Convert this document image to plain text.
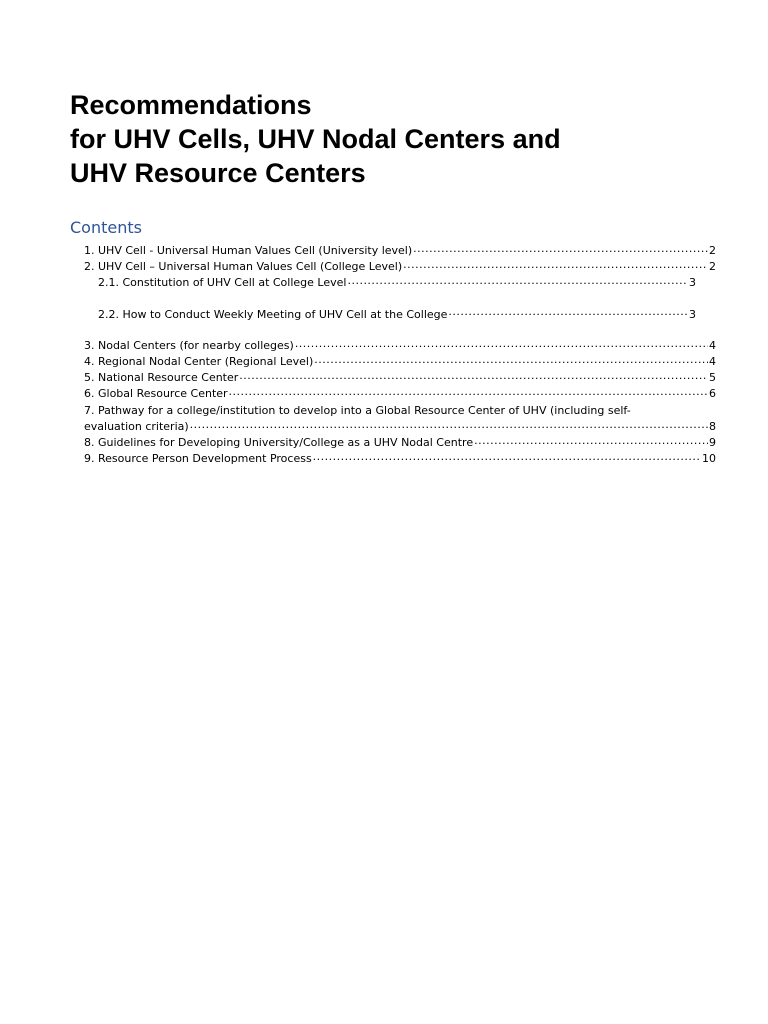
Recommendations
for UHV Cells, UHV Nodal Centers and
UHV Resource Centers
Contents
1. UHV Cell - Universal Human Values Cell (University level) .....	2
2. UHV Cell – Universal Human Values Cell (College Level) .....	2
2.1. Constitution of UHV Cell at College Level .....	3
2.2. How to Conduct Weekly Meeting of UHV Cell at the College .....	3
3. Nodal Centers (for nearby colleges) .....	4
4. Regional Nodal Center (Regional Level) .....	4
5. National Resource Center .....	5
6. Global Resource Center .....	6
7. Pathway for a college/institution to develop into a Global Resource Center of UHV (including self-
evaluation criteria) .....	8
8. Guidelines for Developing University/College as a UHV Nodal Centre .....	9
9. Resource Person Development Process .....	10
